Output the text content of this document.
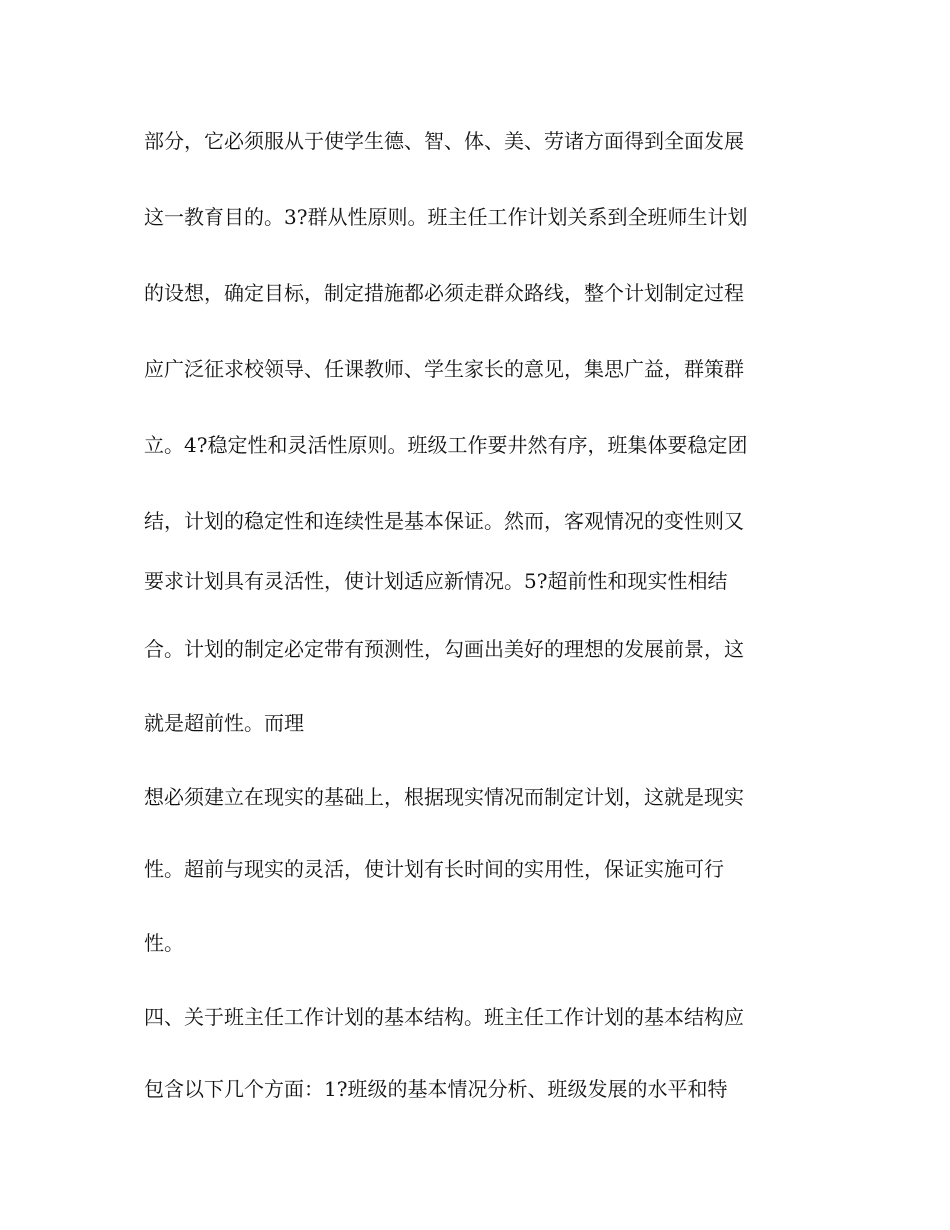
部分，它必须服从于使学生德、智、体、美、劳诸方面得到全面发展
这一教育目的。3?群从性原则。班主任工作计划关系到全班师生计划
的设想，确定目标，制定措施都必须走群众路线，整个计划制定过程
应广泛征求校领导、任课教师、学生家长的意见，集思广益，群策群
立。4?稳定性和灵活性原则。班级工作要井然有序，班集体要稳定团
结，计划的稳定性和连续性是基本保证。然而，客观情况的变性则又
要求计划具有灵活性，使计划适应新情况。5?超前性和现实性相结
合。计划的制定必定带有预测性，勾画出美好的理想的发展前景，这
就是超前性。而理
想必须建立在现实的基础上，根据现实情况而制定计划，这就是现实
性。超前与现实的灵活，使计划有长时间的实用性，保证实施可行
性。
四、关于班主任工作计划的基本结构。班主任工作计划的基本结构应
包含以下几个方面：1?班级的基本情况分析、班级发展的水平和特
